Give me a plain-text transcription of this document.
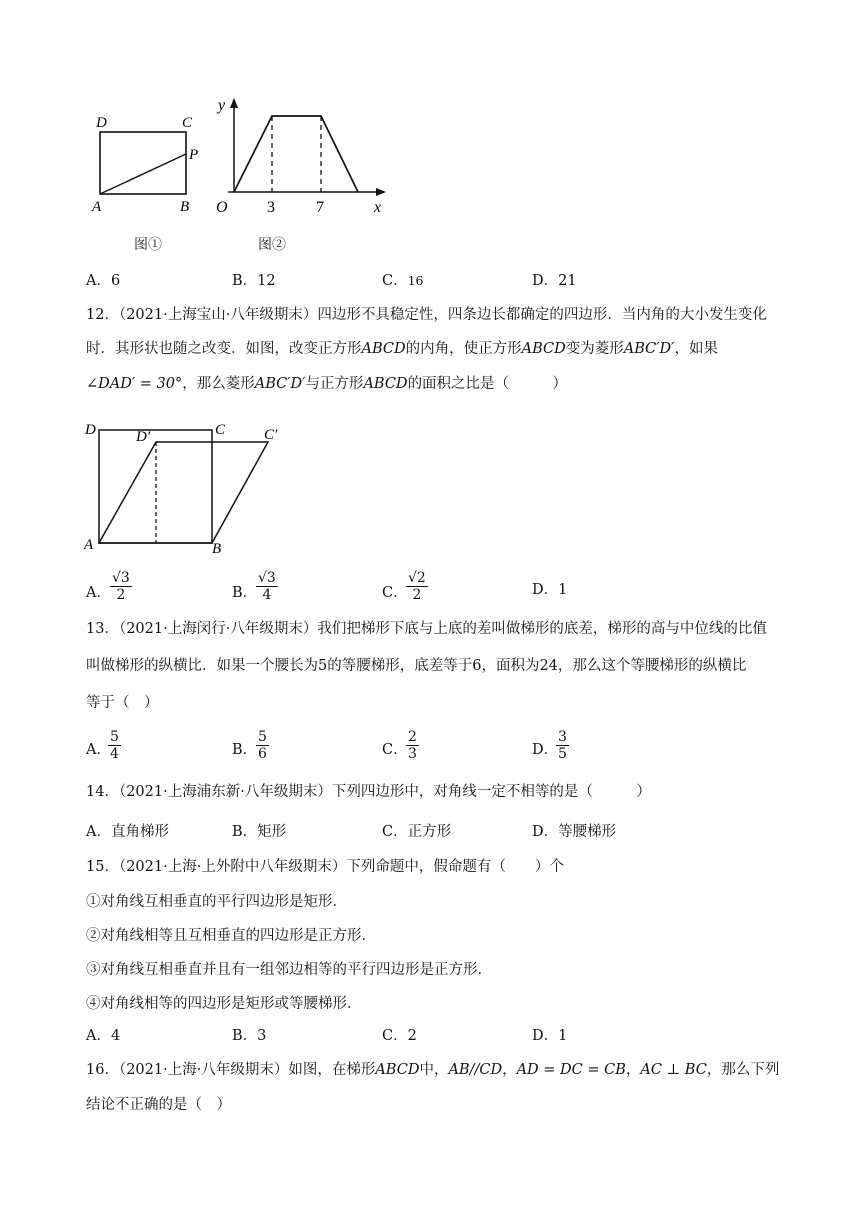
D	C
P
A	B
图①
y
x
O 3	7
图②
A．6	B．12	C．16	D．21
12．（2021·上海宝山·八年级期末）四边形不具稳定性，四条边长都确定的四边形．当内角的大小发生变化
时．其形状也随之改变．如图，改变正方形ABCD的内角，使正方形ABCD变为菱形ABC′D′，如果
∠DAD′ = 30°，那么菱形ABC′D′与正方形ABCD的面积之比是（　　　）
D	D′	C	C′
A	B
A． $\frac{√3}{2}$	B．
$\frac{√3}{4}$	C．
$\frac{√2}{2}$	D．1
13．（2021·上海闵行·八年级期末）我们把梯形下底与上底的差叫做梯形的底差，梯形的高与中位线的比值
叫做梯形的纵横比．如果一个腰长为5的等腰梯形，底差等于6，面积为24，那么这个等腰梯形的纵横比
等于（　）
A．
$\frac{5}{4}$	B．
$\frac{5}{6}$	C．
$\frac{2}{3}$	D．
$\frac{3}{5}$
14．（2021·上海浦东新·八年级期末）下列四边形中，对角线一定不相等的是（　　　）
A．直角梯形	B．矩形	C．正方形	D．等腰梯形
15．（2021·上海·上外附中八年级期末）下列命题中，假命题有（　　）个
①对角线互相垂直的平行四边形是矩形．
②对角线相等且互相垂直的四边形是正方形．
③对角线互相垂直并且有一组邻边相等的平行四边形是正方形．
④对角线相等的四边形是矩形或等腰梯形．
A．4	B．3	C．2	D．1
16．（2021·上海·八年级期末）如图，在梯形ABCD中，AB//CD，AD = DC = CB，AC ⊥ BC，那么下列
结论不正确的是（　）
